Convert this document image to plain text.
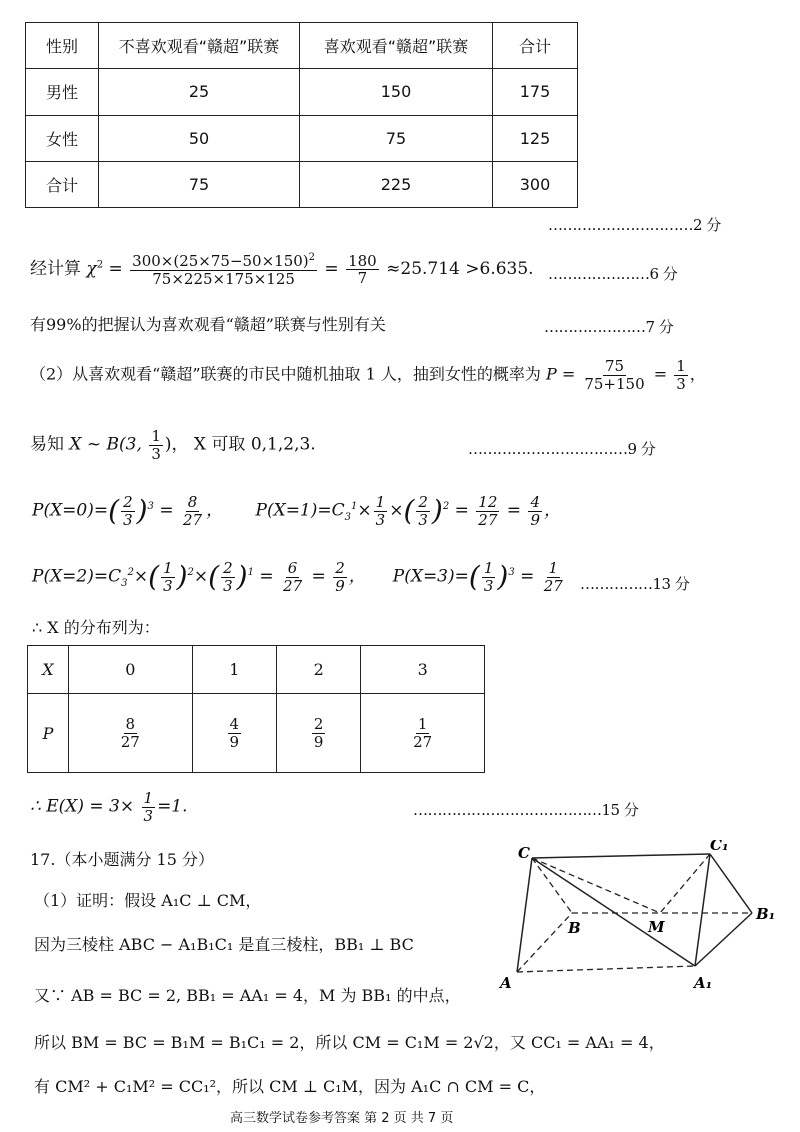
性别	不喜欢观看“赣超”联赛	喜欢观看“赣超”联赛	合计
男性	25	150	175
女性	50	75	125
合计	75	225	300
…………………………2 分
经计算 $\chi^2 = \frac{300\times(25\times 75-50\times 150)^2}{75\times 225\times 175\times 125} = \frac{180}{7} \approx 25.714 >6.635$. …………………6 分
有99%的把握认为喜欢观看“赣超”联赛与性别有关	…………………7 分
（2）从喜欢观看“赣超”联赛的市民中随机抽取 1 人，抽到女性的概率为 $P = \frac{75}{75+150} = \frac{1}{3}$ ，
易知 X ~ B(3, $\frac{1}{3}$ )， X 可取 0,1,2,3.	……………………………9 分
$P(X=0)=( \frac{2}{3} )^3 = \frac{8}{27}$ ，      $P(X=1)=C_3^1\times \frac{1}{3}$ ×( $\frac{2}{3} )^2 = \frac{12}{27} = \frac{4}{9}$ ，
$P(X=2)=C_3^2\times( \frac{1}{3} )^2\times( \frac{2}{3} )^1 = \frac{6}{27} = \frac{2}{9}$ ，     $P(X=3)=( \frac{1}{3} )^3 = \frac{1}{27}$ ……………13 分
∴ X 的分布列为：
X	0	1	2	3
P	$\frac{8}{27}$	$\frac{4}{9}$	$\frac{2}{9}$	$\frac{1}{27}$
∴ $E(X) = 3\times \frac{1}{3} =1$.	…………………………………15 分
17.（本小题满分 15 分）
（1）证明：假设 A₁C ⊥ CM，
因为三棱柱 ABC − A₁B₁C₁ 是直三棱柱，BB₁ ⊥ BC
又∵ AB = BC = 2, BB₁ = AA₁ = 4，M 为 BB₁ 的中点，
所以 BM = BC = B₁M = B₁C₁ = 2，所以 CM = C₁M = 2√2，又 CC₁ = AA₁ = 4，
有 CM² + C₁M² = CC₁²，所以 CM ⊥ C₁M，因为 A₁C ∩ CM = C，
C	C₁
B	M
B₁
A	A₁
高三数学试卷参考答案 第 2 页 共 7 页
